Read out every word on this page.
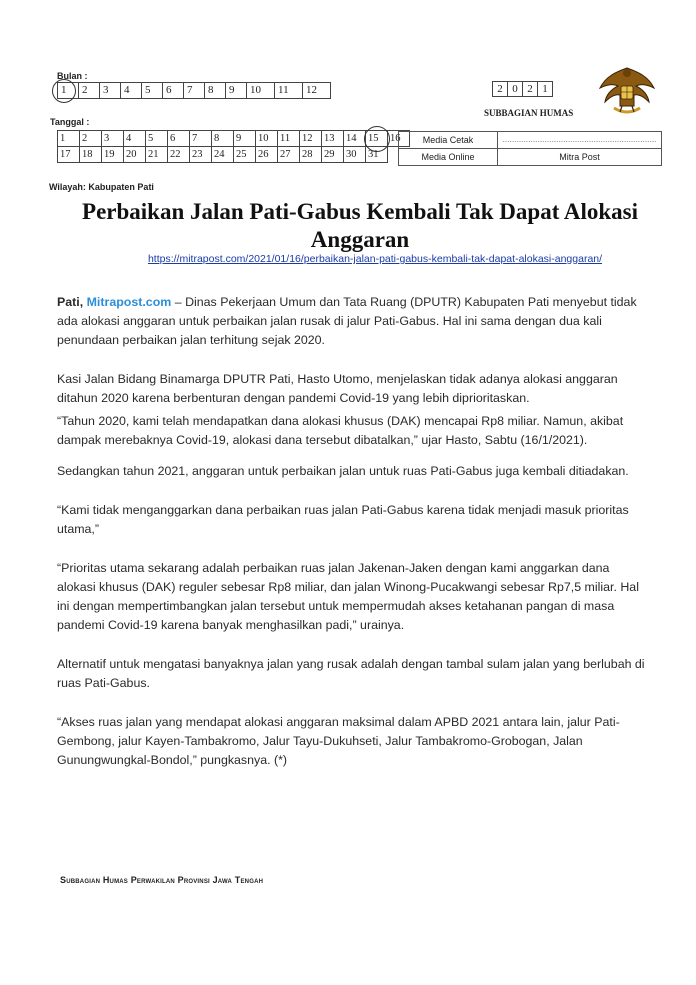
Bulan :
1	2	3	4	5	6	7	8	9	10	11	12
Tanggal :
1	2	3	4	5	6	7	8	9	10	11	12	13	14	15	16
17	18	19	20	21	22	23	24	25	26	27	28	29	30	31	
Media Cetak	…………………………………………………………
Media Online	Mitra Post
2	0	2	1
SUBBAGIAN HUMAS
Wilayah: Kabupaten Pati
Perbaikan Jalan Pati-Gabus Kembali Tak Dapat Alokasi Anggaran
https://mitrapost.com/2021/01/16/perbaikan-jalan-pati-gabus-kembali-tak-dapat-alokasi-anggaran/

Pati, Mitrapost.com – Dinas Pekerjaan Umum dan Tata Ruang (DPUTR) Kabupaten Pati menyebut tidak ada alokasi anggaran untuk perbaikan jalan rusak di jalur Pati-Gabus. Hal ini sama dengan dua kali penundaan perbaikan jalan terhitung sejak 2020.

Kasi Jalan Bidang Binamarga DPUTR Pati, Hasto Utomo, menjelaskan tidak adanya alokasi anggaran ditahun 2020 karena berbenturan dengan pandemi Covid-19 yang lebih diprioritaskan.

“Tahun 2020, kami telah mendapatkan dana alokasi khusus (DAK) mencapai Rp8 miliar. Namun, akibat dampak merebaknya Covid-19, alokasi dana tersebut dibatalkan,” ujar Hasto, Sabtu (16/1/2021).

Sedangkan tahun 2021, anggaran untuk perbaikan jalan untuk ruas Pati-Gabus juga kembali ditiadakan.

“Kami tidak menganggarkan dana perbaikan ruas jalan Pati-Gabus karena tidak menjadi masuk prioritas utama,”

“Prioritas utama sekarang adalah perbaikan ruas jalan Jakenan-Jaken dengan kami anggarkan dana alokasi khusus (DAK) reguler sebesar Rp8 miliar, dan jalan Winong-Pucakwangi sebesar Rp7,5 miliar. Hal ini dengan mempertimbangkan jalan tersebut untuk mempermudah akses ketahanan pangan di masa pandemi Covid-19 karena banyak menghasilkan padi,” urainya.

Alternatif untuk mengatasi banyaknya jalan yang rusak adalah dengan tambal sulam jalan yang berlubah di ruas Pati-Gabus.

“Akses ruas jalan yang mendapat alokasi anggaran maksimal dalam APBD 2021 antara lain, jalur Pati-Gembong, jalur Kayen-Tambakromo, Jalur Tayu-Dukuhseti, Jalur Tambakromo-Grobogan, Jalan Gunungwungkal-Bondol,” pungkasnya. (*)

Subbagian Humas Perwakilan Provinsi Jawa Tengah
